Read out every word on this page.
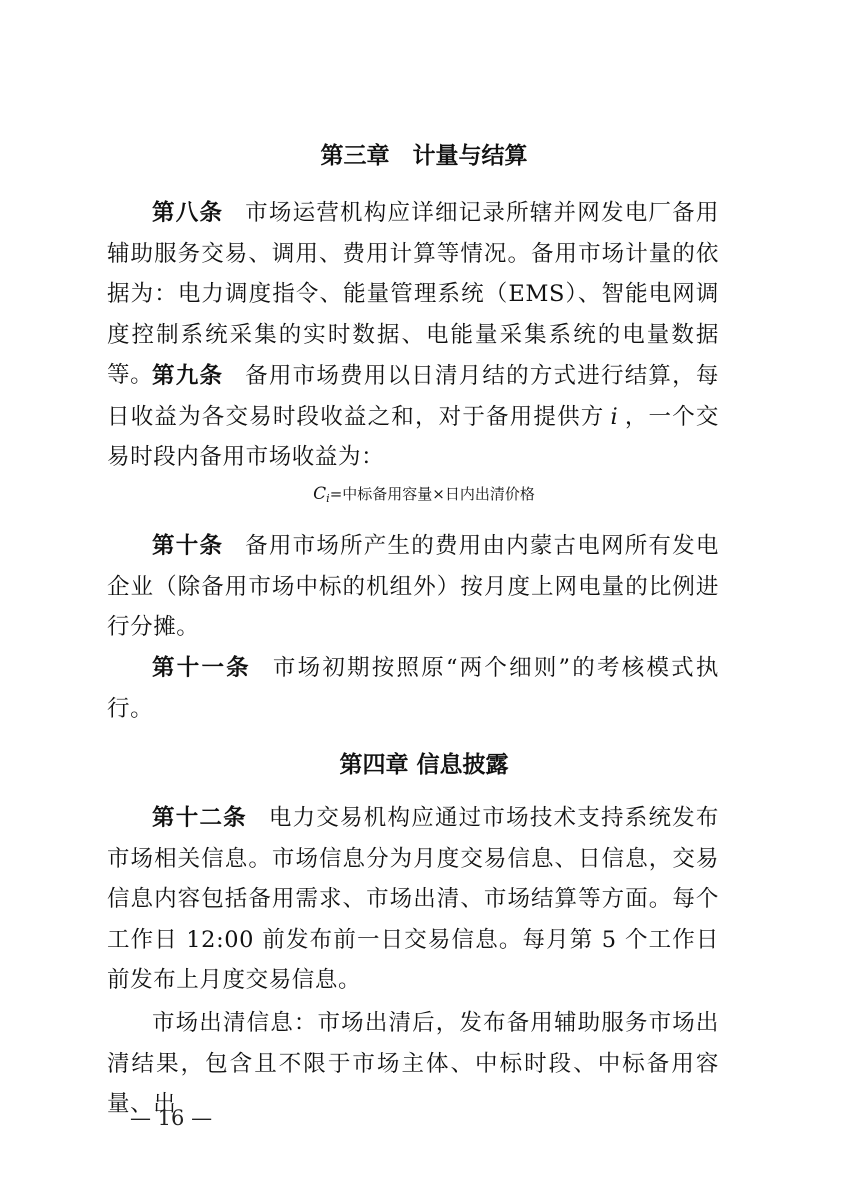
第三章　计量与结算
第八条 市场运营机构应详细记录所辖并网发电厂备用辅助服务交易、调用、费用计算等情况。备用市场计量的依据为：电力调度指令、能量管理系统（EMS）、智能电网调度控制系统采集的实时数据、电能量采集系统的电量数据等。
第九条 备用市场费用以日清月结的方式进行结算，每日收益为各交易时段收益之和，对于备用提供方 i ，一个交易时段内备用市场收益为：
$C_i=$中标备用容量×日内出清价格
第十条 备用市场所产生的费用由内蒙古电网所有发电企业（除备用市场中标的机组外）按月度上网电量的比例进行分摊。
第十一条 市场初期按照原“两个细则”的考核模式执行。
第四章 信息披露
第十二条 电力交易机构应通过市场技术支持系统发布市场相关信息。市场信息分为月度交易信息、日信息，交易信息内容包括备用需求、市场出清、市场结算等方面。每个工作日 12:00 前发布前一日交易信息。每月第 5 个工作日前发布上月度交易信息。
市场出清信息：市场出清后，发布备用辅助服务市场出清结果，包含且不限于市场主体、中标时段、中标备用容量、出
— 16 —
